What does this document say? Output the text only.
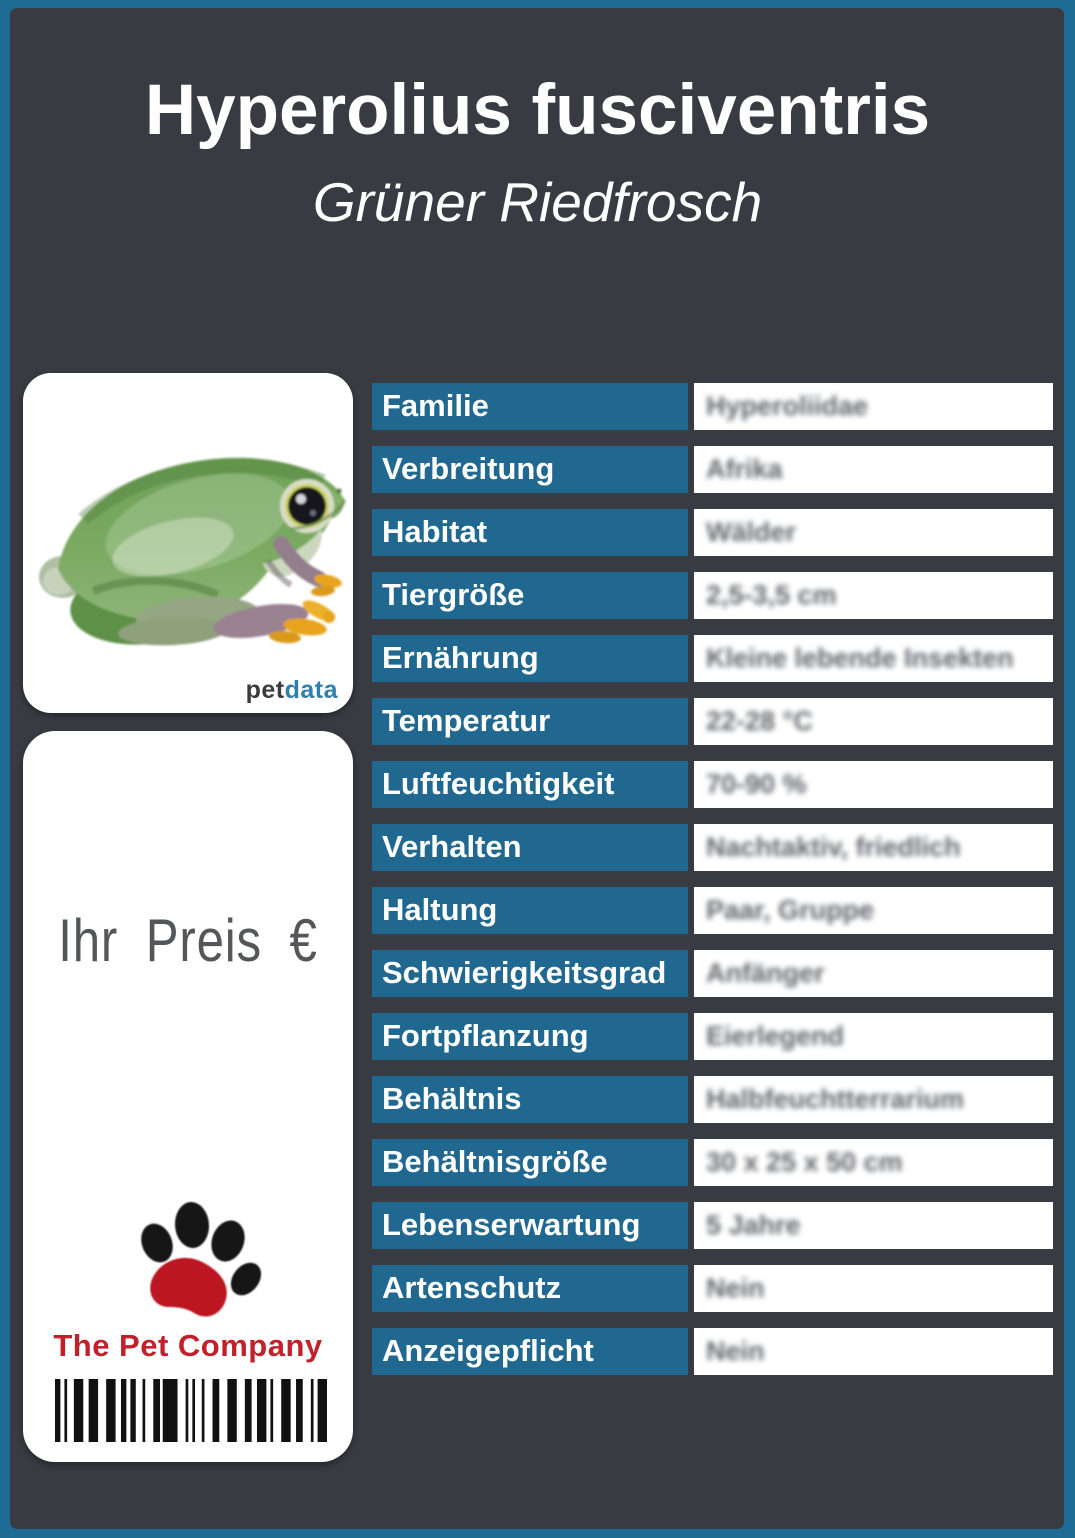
Hyperolius fusciventris
Grüner Riedfrosch
petdata
Ihr Preis €
The Pet Company
Familie	Hyperoliidae
Verbreitung	Afrika
Habitat	Wälder
Tiergröße	2,5-3,5 cm
Ernährung	Kleine lebende Insekten
Temperatur	22-28 °C
Luftfeuchtigkeit	70-90 %
Verhalten	Nachtaktiv, friedlich
Haltung	Paar, Gruppe
Schwierigkeitsgrad	Anfänger
Fortpflanzung	Eierlegend
Behältnis	Halbfeuchtterrarium
Behältnisgröße	30 x 25 x 50 cm
Lebenserwartung	5 Jahre
Artenschutz	Nein
Anzeigepflicht	Nein
